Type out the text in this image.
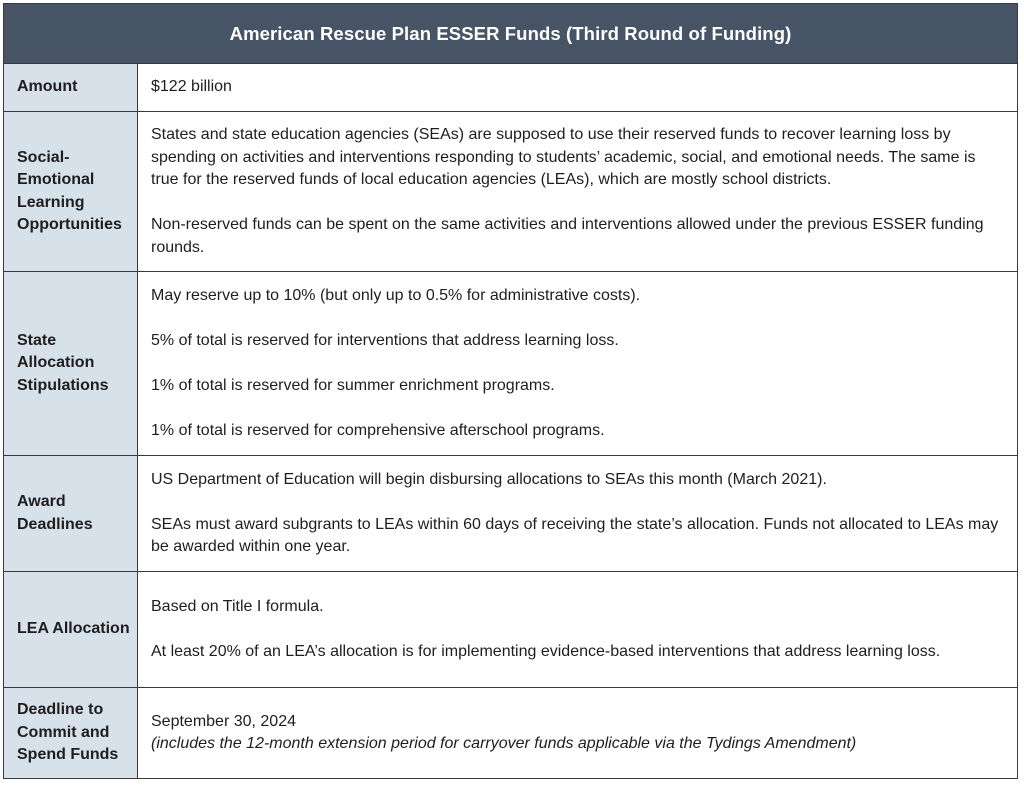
American Rescue Plan ESSER Funds (Third Round of Funding)
Amount	$122 billion

Social-Emotional Learning Opportunities

States and state education agencies (SEAs) are supposed to use their reserved funds to recover learning loss by spending on activities and interventions responding to students’ academic, social, and emotional needs. The same is true for the reserved funds of local education agencies (LEAs), which are mostly school districts.

Non-reserved funds can be spent on the same activities and interventions allowed under the previous ESSER funding rounds.

State Allocation Stipulations

May reserve up to 10% (but only up to 0.5% for administrative costs).

5% of total is reserved for interventions that address learning loss.

1% of total is reserved for summer enrichment programs.

1% of total is reserved for comprehensive afterschool programs.

Award Deadlines

US Department of Education will begin disbursing allocations to SEAs this month (March 2021).

SEAs must award subgrants to LEAs within 60 days of receiving the state’s allocation. Funds not allocated to LEAs may be awarded within one year.

LEA Allocation

Based on Title I formula.

At least 20% of an LEA’s allocation is for implementing evidence-based interventions that address learning loss.

Deadline to Commit and Spend Funds

September 30, 2024

(includes the 12-month extension period for carryover funds applicable via the Tydings Amendment)
